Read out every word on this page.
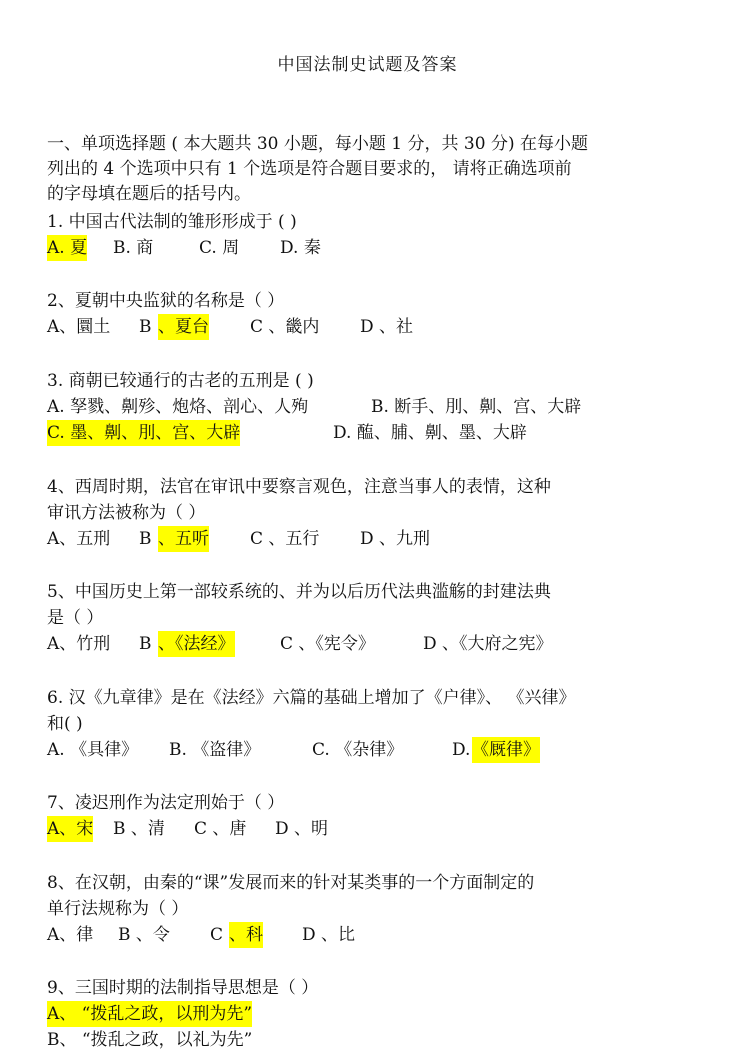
中国法制史试题及答案
一、单项选择题 ( 本大题共 30 小题，每小题 1 分，共 30 分) 在每小题
列出的 4 个选项中只有 1 个选项是符合题目要求的， 请将正确选项前
的字母填在题后的括号内。
1. 中国古代法制的雏形形成于 ( )
A. 夏 B. 商	C. 周 D. 秦
2、夏朝中央监狱的名称是（ ）
A、圜土 B 、夏台 C 、畿内 D 、社
3. 商朝已较通行的古老的五刑是 ( )
A. 孥戮、劓殄、炮烙、剖心、人殉	B. 断手、刖、劓、宫、大辟
C. 墨、劓、刖、宫、大辟	D. 醢、脯、劓、墨、大辟
4、西周时期，法官在审讯中要察言观色，注意当事人的表情，这种
审讯方法被称为（ ）
A、五刑 B 、五听 C 、五行 D 、九刑
5、中国历史上第一部较系统的、并为以后历代法典滥觞的封建法典
是（ ）
A、竹刑 B 、《法经》	C 、《宪令》	D 、《大府之宪》
6. 汉《九章律》是在《法经》六篇的基础上增加了《户律》、 《兴律》
和( )
A. 《具律》 B. 《盗律》	C. 《杂律》	D. 《厩律》
7、凌迟刑作为法定刑始于（ ）
A、宋 B 、清 C 、唐 D 、明
8、在汉朝，由秦的“课”发展而来的针对某类事的一个方面制定的
单行法规称为（ ）
A、律 B 、令 C 、科 D 、比
9、三国时期的法制指导思想是（ ）
A、 “拨乱之政，以刑为先”
B、 “拨乱之政，以礼为先”
